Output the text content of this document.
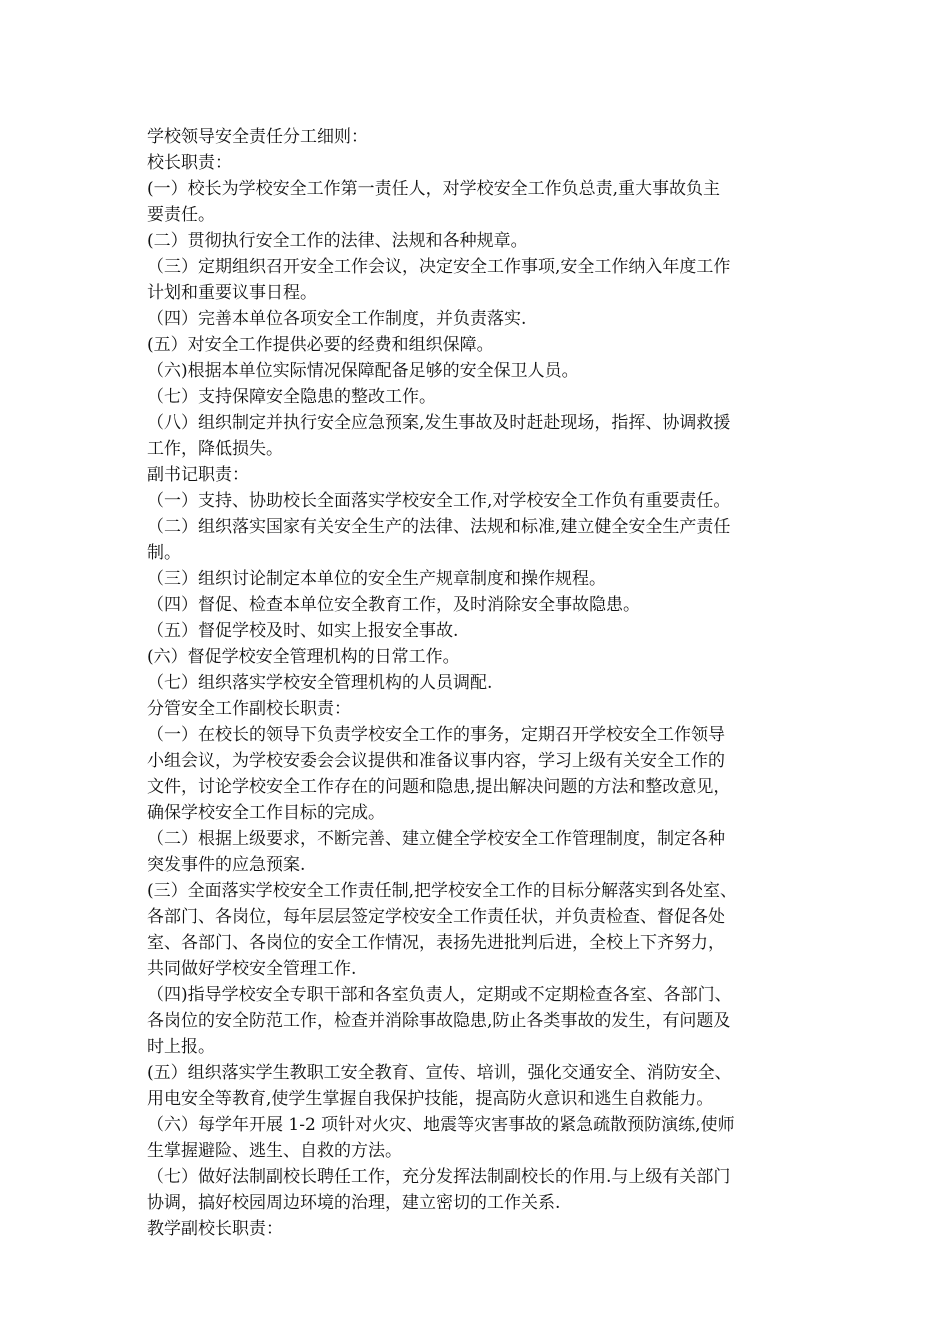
学校领导安全责任分工细则：
校长职责：
(一）校长为学校安全工作第一责任人，对学校安全工作负总责,重大事故负主
要责任。
(二）贯彻执行安全工作的法律、法规和各种规章。
（三）定期组织召开安全工作会议，决定安全工作事项,安全工作纳入年度工作
计划和重要议事日程。
（四）完善本单位各项安全工作制度，并负责落实.
(五）对安全工作提供必要的经费和组织保障。
（六)根据本单位实际情况保障配备足够的安全保卫人员。
（七）支持保障安全隐患的整改工作。
（八）组织制定并执行安全应急预案,发生事故及时赶赴现场，指挥、协调救援
工作，降低损失。
副书记职责：
（一）支持、协助校长全面落实学校安全工作,对学校安全工作负有重要责任。
（二）组织落实国家有关安全生产的法律、法规和标准,建立健全安全生产责任
制。
（三）组织讨论制定本单位的安全生产规章制度和操作规程。
（四）督促、检查本单位安全教育工作，及时消除安全事故隐患。
（五）督促学校及时、如实上报安全事故.
(六）督促学校安全管理机构的日常工作。
（七）组织落实学校安全管理机构的人员调配.
分管安全工作副校长职责：
（一）在校长的领导下负责学校安全工作的事务，定期召开学校安全工作领导
小组会议，为学校安委会会议提供和准备议事内容，学习上级有关安全工作的
文件，讨论学校安全工作存在的问题和隐患,提出解决问题的方法和整改意见，
确保学校安全工作目标的完成。
（二）根据上级要求，不断完善、建立健全学校安全工作管理制度，制定各种
突发事件的应急预案.
(三）全面落实学校安全工作责任制,把学校安全工作的目标分解落实到各处室、
各部门、各岗位，每年层层签定学校安全工作责任状，并负责检查、督促各处
室、各部门、各岗位的安全工作情况，表扬先进批判后进，全校上下齐努力，
共同做好学校安全管理工作.
（四)指导学校安全专职干部和各室负责人，定期或不定期检查各室、各部门、
各岗位的安全防范工作，检查并消除事故隐患,防止各类事故的发生，有问题及
时上报。
(五）组织落实学生教职工安全教育、宣传、培训，强化交通安全、消防安全、
用电安全等教育,使学生掌握自我保护技能，提高防火意识和逃生自救能力。
（六）每学年开展 1-2 项针对火灾、地震等灾害事故的紧急疏散预防演练,使师
生掌握避险、逃生、自救的方法。
（七）做好法制副校长聘任工作，充分发挥法制副校长的作用.与上级有关部门
协调，搞好校园周边环境的治理，建立密切的工作关系.
教学副校长职责：
